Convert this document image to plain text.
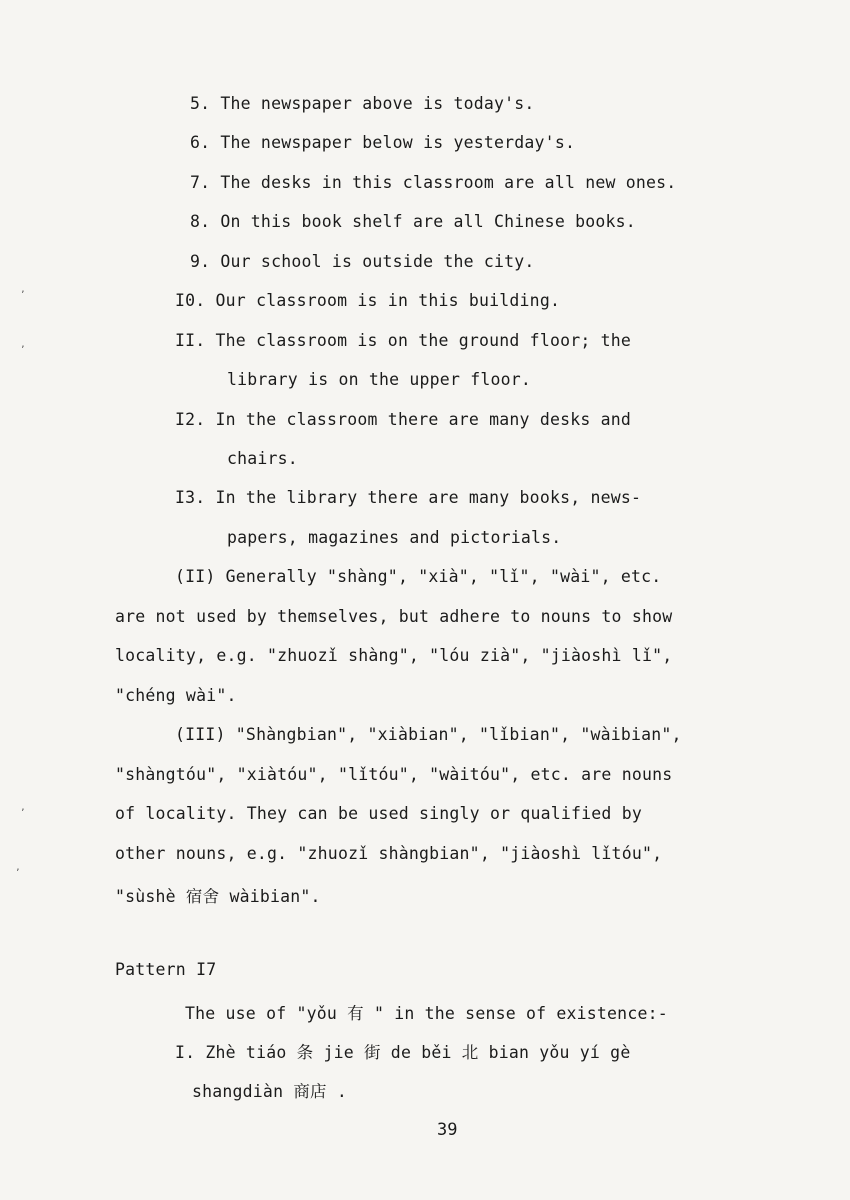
5. The newspaper above is today's.
6. The newspaper below is yesterday's.
7. The desks in this classroom are all new ones.
8. On this book shelf are all Chinese books.
9. Our school is outside the city.
I0. Our classroom is in this building.
II. The classroom is on the ground floor; the
library is on the upper floor.
I2. In the classroom there are many desks and
chairs.
I3. In the library there are many books, news-
papers, magazines and pictorials.
(II) Generally "shàng", "xià", "lǐ", "wài", etc.
are not used by themselves, but adhere to nouns to show
locality, e.g. "zhuozǐ shàng", "lóu zià", "jiàoshì lǐ",
"chéng wài".
(III) "Shàngbian", "xiàbian", "lǐbian", "wàibian",
"shàngtóu", "xiàtóu", "lǐtóu", "wàitóu", etc. are nouns
of locality. They can be used singly or qualified by
other nouns, e.g. "zhuozǐ shàngbian", "jiàoshì lǐtóu",
"sùshè 宿舍 wàibian".
Pattern I7
The use of "yǒu 有 " in the sense of existence:-
I. Zhè tiáo 条 jie 街 de běi 北 bian yǒu yí gè
shangdiàn 商店 .
39
ʼ
ʼ
ʼ
ʼ
